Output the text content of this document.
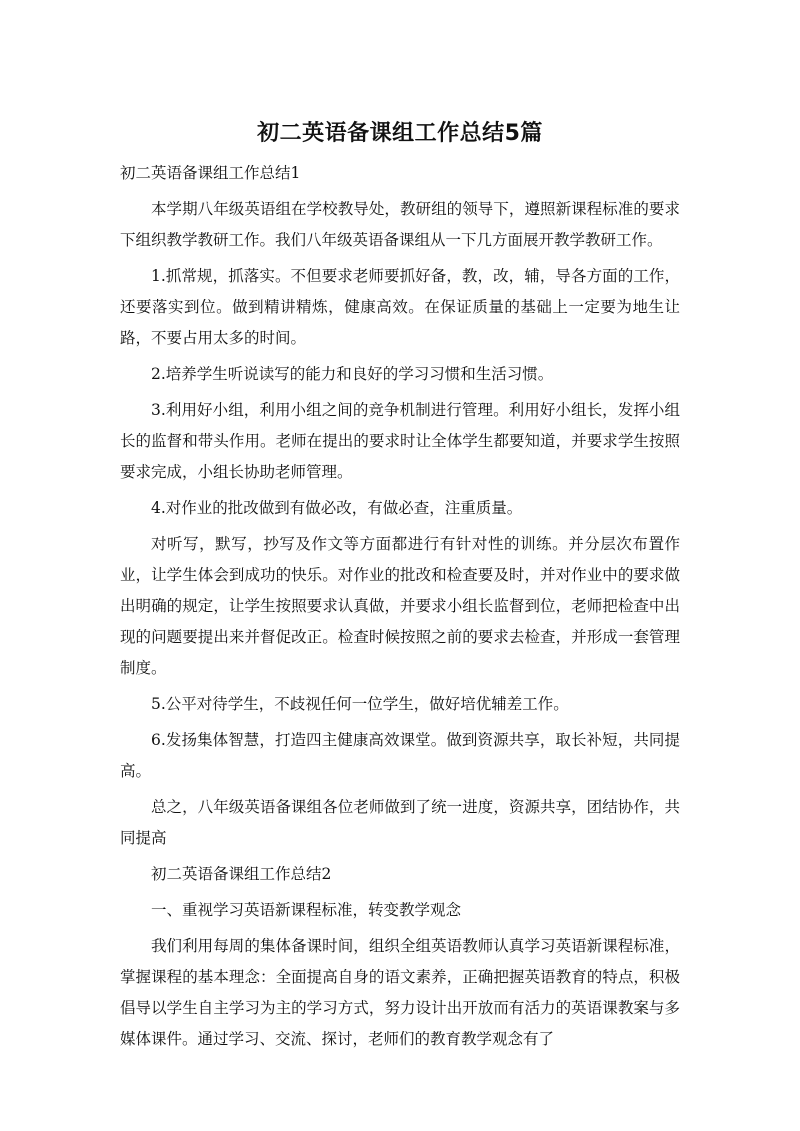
初二英语备课组工作总结5篇

初二英语备课组工作总结1

本学期八年级英语组在学校教导处，教研组的领导下，遵照新课程标准的要求下组织教学教研工作。我们八年级英语备课组从一下几方面展开教学教研工作。

1.抓常规，抓落实。不但要求老师要抓好备，教，改，辅，导各方面的工作，还要落实到位。做到精讲精炼，健康高效。在保证质量的基础上一定要为地生让路，不要占用太多的时间。

2.培养学生听说读写的能力和良好的学习习惯和生活习惯。

3.利用好小组，利用小组之间的竞争机制进行管理。利用好小组长，发挥小组长的监督和带头作用。老师在提出的要求时让全体学生都要知道，并要求学生按照要求完成，小组长协助老师管理。

4.对作业的批改做到有做必改，有做必查，注重质量。

对听写，默写，抄写及作文等方面都进行有针对性的训练。并分层次布置作业，让学生体会到成功的快乐。对作业的批改和检查要及时，并对作业中的要求做出明确的规定，让学生按照要求认真做，并要求小组长监督到位，老师把检查中出现的问题要提出来并督促改正。检查时候按照之前的要求去检查，并形成一套管理制度。

5.公平对待学生，不歧视任何一位学生，做好培优辅差工作。

6.发扬集体智慧，打造四主健康高效课堂。做到资源共享，取长补短，共同提高。

总之，八年级英语备课组各位老师做到了统一进度，资源共享，团结协作，共同提高

初二英语备课组工作总结2

一、重视学习英语新课程标准，转变教学观念

我们利用每周的集体备课时间，组织全组英语教师认真学习英语新课程标准，掌握课程的基本理念：全面提高自身的语文素养，正确把握英语教育的特点，积极倡导以学生自主学习为主的学习方式，努力设计出开放而有活力的英语课教案与多媒体课件。通过学习、交流、探讨，老师们的教育教学观念有了
